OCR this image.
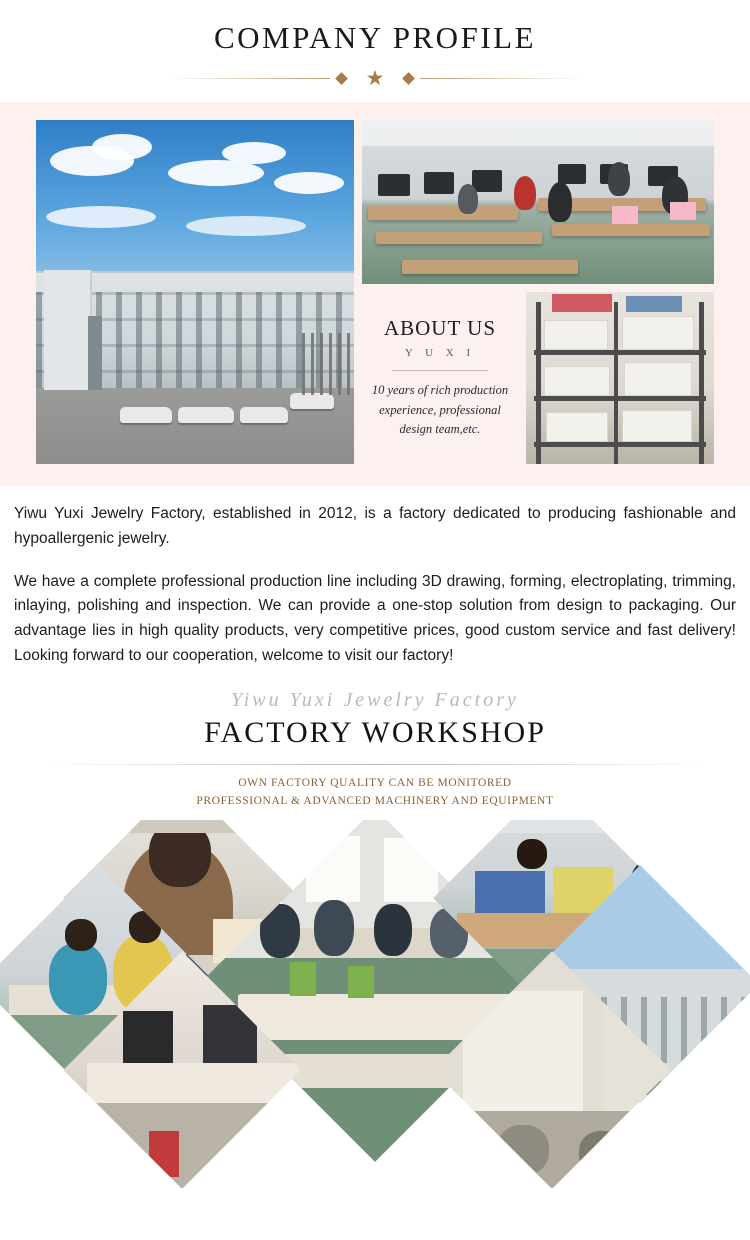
COMPANY PROFILE
★
ABOUT US
Y U X I
10 years of rich production experience, professional design team,etc.

Yiwu Yuxi Jewelry Factory, established in 2012, is a factory dedicated to producing fashionable and hypoallergenic jewelry.

We have a complete professional production line including 3D drawing, forming, electroplating, trimming, inlaying, polishing and inspection. We can provide a one-stop solution from design to packaging. Our advantage lies in high quality products, very competitive prices, good custom service and fast delivery! Looking forward to our cooperation, welcome to visit our factory!

Yiwu Yuxi Jewelry Factory
FACTORY WORKSHOP
OWN FACTORY QUALITY CAN BE MONITORED
PROFESSIONAL & ADVANCED MACHINERY AND EQUIPMENT
